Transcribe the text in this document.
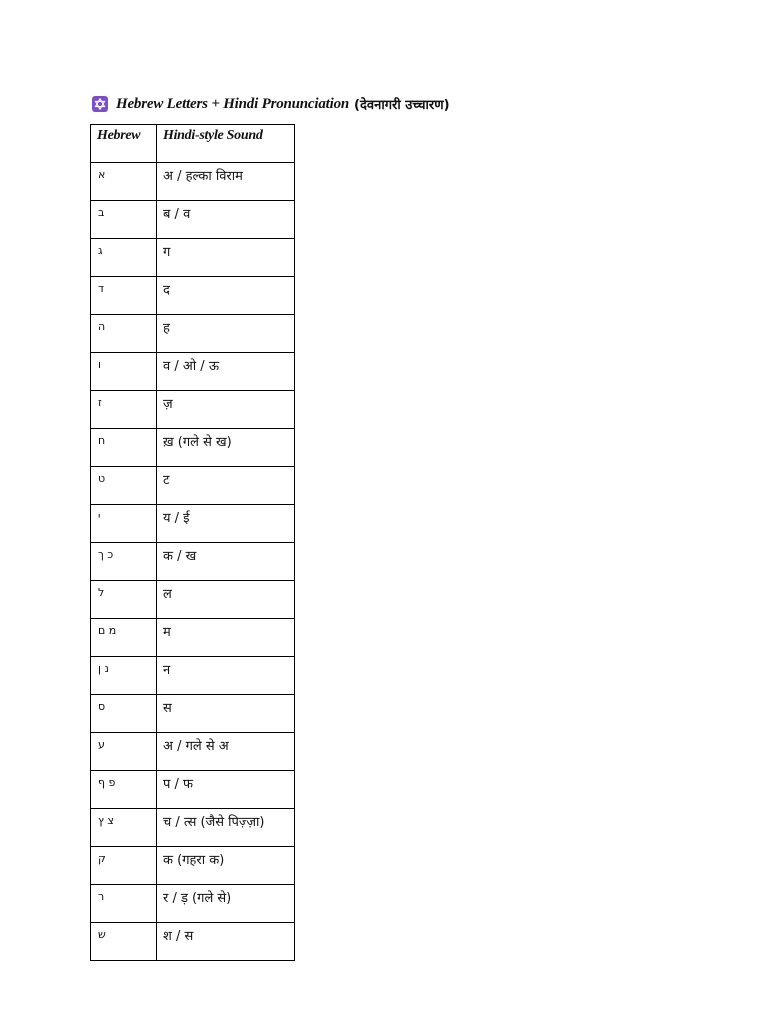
Hebrew Letters + Hindi Pronunciation (देवनागरी उच्चारण)
Hebrew	Hindi-style Sound
א	अ / हल्का विराम
ב	ब / व
ג	ग
ד	द
ה	ह
ו	व / ओ / ऊ
ז	ज़
ח	ख़ (गले से ख)
ט	ट
י	य / ई
כ ך	क / ख
ל	ल
מ ם	म
נ ן	न
ס	स
ע	अ / गले से अ
פ ף	प / फ
צ ץ	च / त्स (जैसे पिज़्ज़ा)
ק	क (गहरा क)
ר	र / ड़ (गले से)
ש	श / स
